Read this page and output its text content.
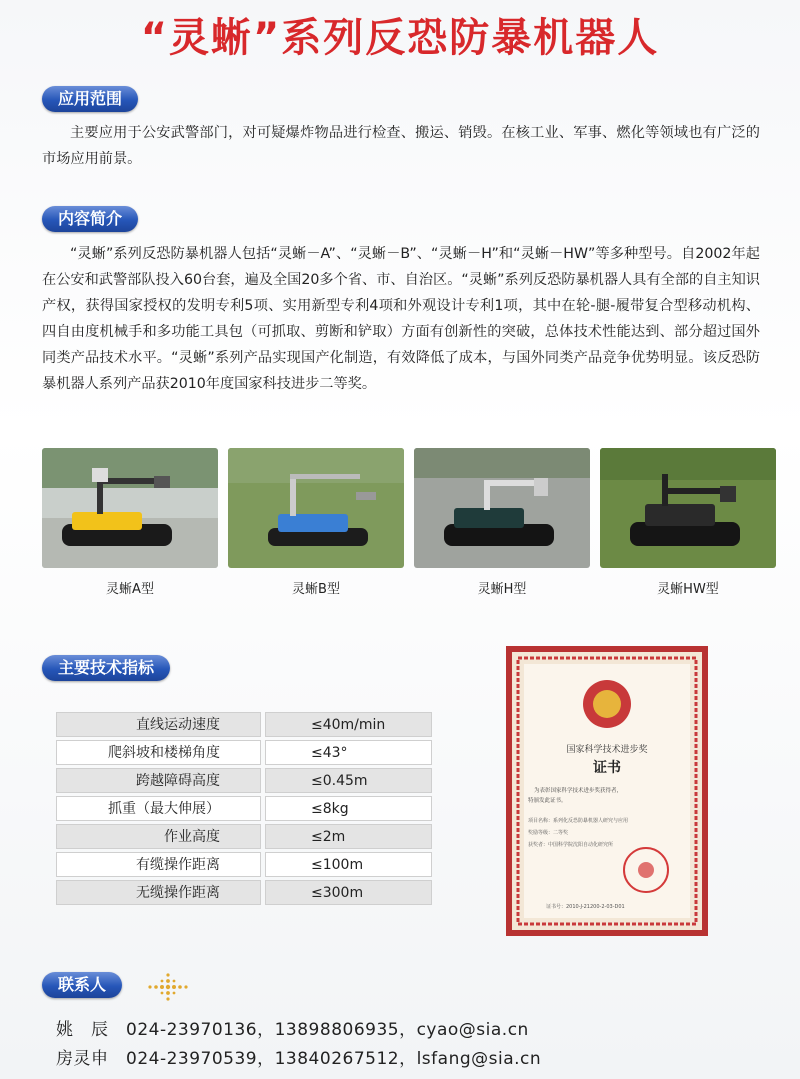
“灵蜥”系列反恐防暴机器人
应用范围
主要应用于公安武警部门，对可疑爆炸物品进行检查、搬运、销毁。在核工业、军事、燃化等领域也有广泛的市场应用前景。
内容简介
“灵蜥”系列反恐防暴机器人包括“灵蜥－A”、“灵蜥－B”、“灵蜥－H”和“灵蜥－HW”等多种型号。自2002年起在公安和武警部队投入60台套，遍及全国20多个省、市、自治区。“灵蜥”系列反恐防暴机器人具有全部的自主知识产权，获得国家授权的发明专利5项、实用新型专利4项和外观设计专利1项，其中在轮-腿-履带复合型移动机构、四自由度机械手和多功能工具包（可抓取、剪断和铲取）方面有创新性的突破，总体技术性能达到、部分超过国外同类产品技术水平。“灵蜥”系列产品实现国产化制造，有效降低了成本，与国外同类产品竞争优势明显。该反恐防暴机器人系列产品获2010年度国家科技进步二等奖。
灵蜥A型	灵蜥B型	灵蜥H型	灵蜥HW型
主要技术指标
直线运动速度	≤40m/min
爬斜坡和楼梯角度	≤43°
跨越障碍高度	≤0.45m
抓重（最大伸展）	≤8kg
作业高度	≤2m
有缆操作距离	≤100m
无缆操作距离	≤300m
国家科学技术进步奖
证书
为表彰国家科学技术进步奖获得者，
特颁发此证书。
项目名称：系列化反恐防暴机器人研究与应用
奖励等级：二等奖
获奖者：中国科学院沈阳自动化研究所
证书号：2010-J-21200-2-03-D01
联系人
姚　辰　024-23970136，13898806935，cyao@sia.cn
房灵申　024-23970539，13840267512，lsfang@sia.cn
